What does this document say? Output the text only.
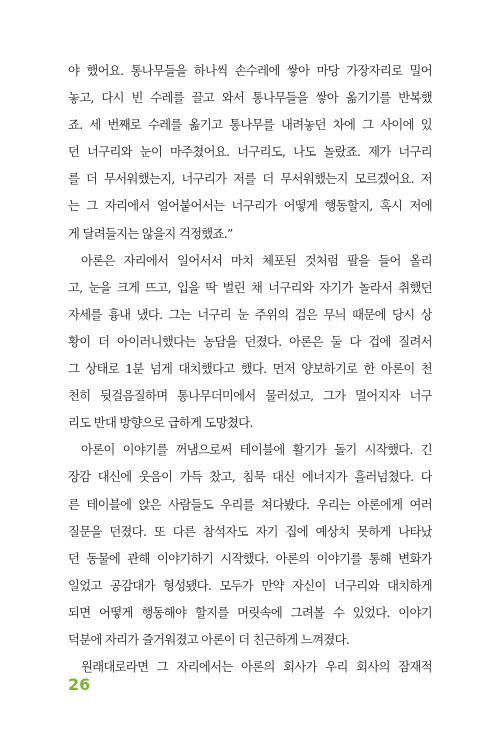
야 했어요. 통나무들을 하나씩 손수레에 쌓아 마당 가장자리로 밀어
놓고, 다시 빈 수레를 끌고 와서 통나무들을 쌓아 옮기기를 반복했
죠. 세 번째로 수레를 옮기고 통나무를 내려놓던 차에 그 사이에 있
던 너구리와 눈이 마주쳤어요. 너구리도, 나도 놀랐죠. 제가 너구리
를 더 무서워했는지, 너구리가 저를 더 무서워했는지 모르겠어요. 저
는 그 자리에서 얼어붙어서는 너구리가 어떻게 행동할지, 혹시 저에
게 달려들지는 않을지 걱정했죠.”
아론은 자리에서 일어서서 마치 체포된 것처럼 팔을 들어 올리
고, 눈을 크게 뜨고, 입을 딱 벌린 채 너구리와 자기가 놀라서 취했던
자세를 흉내 냈다. 그는 너구리 눈 주위의 검은 무늬 때문에 당시 상
황이 더 아이러니했다는 농담을 던졌다. 아론은 둘 다 겁에 질려서
그 상태로 1분 넘게 대치했다고 했다. 먼저 양보하기로 한 아론이 천
천히 뒷걸음질하며 통나무더미에서 물러섰고, 그가 멀어지자 너구
리도 반대 방향으로 급하게 도망쳤다.
아론이 이야기를 꺼냄으로써 테이블에 활기가 돌기 시작했다. 긴
장감 대신에 웃음이 가득 찼고, 침묵 대신 에너지가 흘러넘쳤다. 다
른 테이블에 앉은 사람들도 우리를 쳐다봤다. 우리는 아론에게 여러
질문을 던졌다. 또 다른 참석자도 자기 집에 예상치 못하게 나타났
던 동물에 관해 이야기하기 시작했다. 아론의 이야기를 통해 변화가
일었고 공감대가 형성됐다. 모두가 만약 자신이 너구리와 대치하게
되면 어떻게 행동해야 할지를 머릿속에 그려볼 수 있었다. 이야기
덕분에 자리가 즐거워졌고 아론이 더 친근하게 느껴졌다.
원래대로라면 그 자리에서는 아론의 회사가 우리 회사의 잠재적
26
